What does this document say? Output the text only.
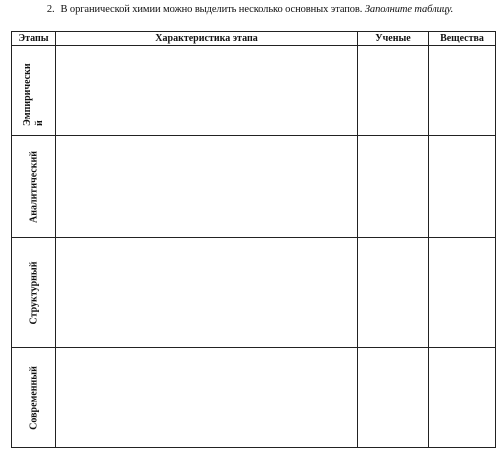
2. В органической химии можно выделить несколько основных этапов. Заполните таблицу.
Этапы	Характеристика этапа	Ученые	Вещества

Эмпирически й			

Аналитический			

Структурный			

Современный			
